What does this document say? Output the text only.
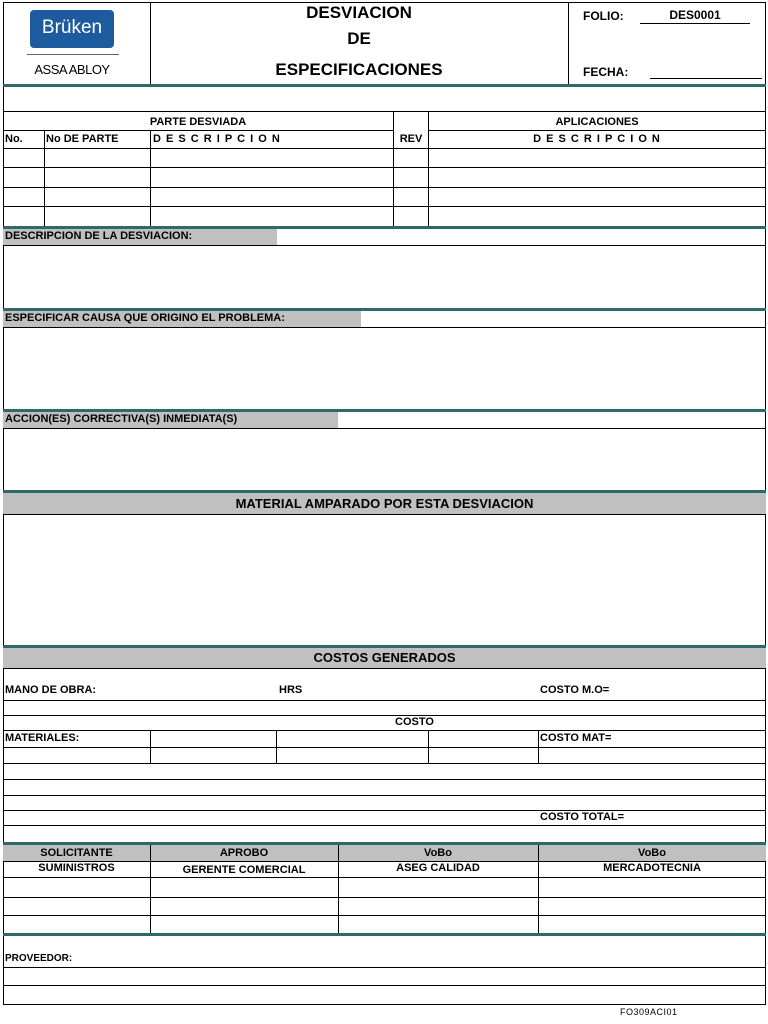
Brüken
ASSA ABLOY
DESVIACION
DE
ESPECIFICACIONES
FOLIO:	DES0001
FECHA:
PARTE DESVIADA	APLICACIONES
No. No DE PARTE	D E S C R I P C I O N	REV	D E S C R I P C I O N
DESCRIPCION DE LA DESVIACION:
ESPECIFICAR CAUSA QUE ORIGINO EL PROBLEMA:
ACCION(ES) CORRECTIVA(S) INMEDIATA(S)
MATERIAL AMPARADO POR ESTA DESVIACION
COSTOS GENERADOS
MANO DE OBRA:	HRS	COSTO M.O=
COSTO
MATERIALES:	COSTO MAT=
COSTO TOTAL=
SOLICITANTE	APROBO	VoBo	VoBo
SUMINISTROS	GERENTE COMERCIAL	ASEG CALIDAD	MERCADOTECNIA
PROVEEDOR:
FO309ACI01
